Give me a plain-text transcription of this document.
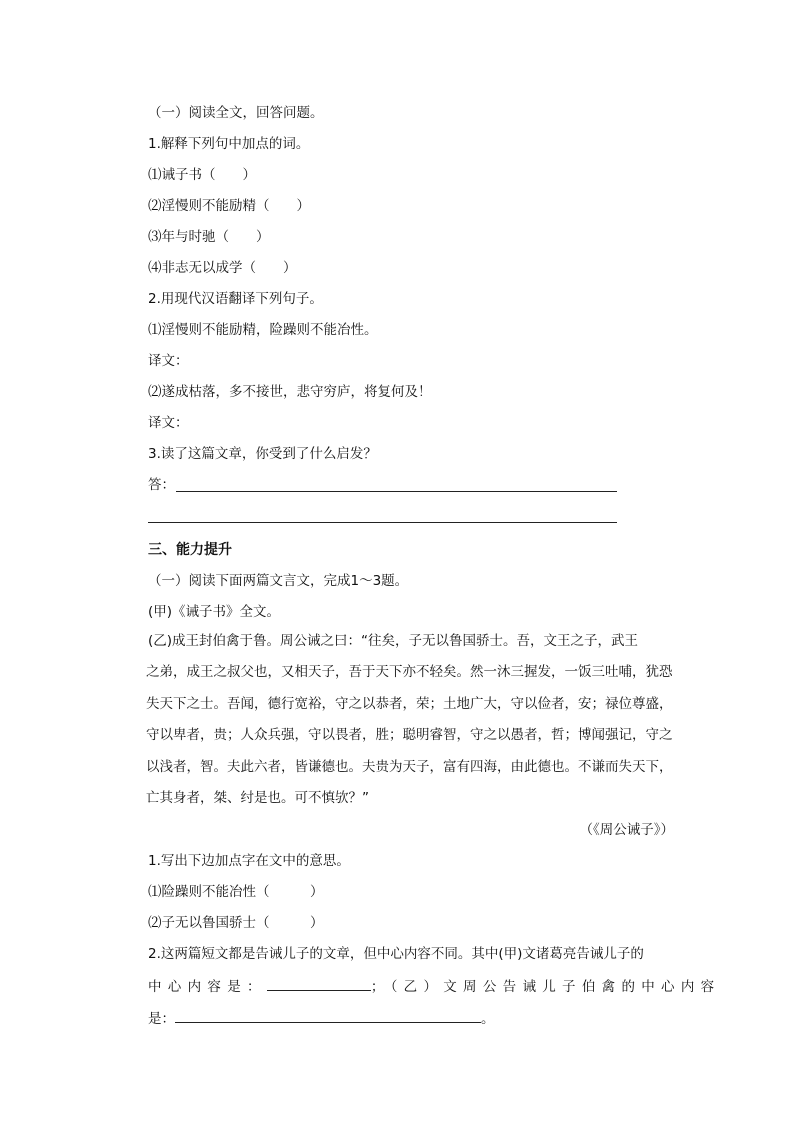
（一）阅读全文，回答问题。
1.解释下列句中加点的词。
⑴诫子书（　　）
⑵淫慢则不能励精（　　）
⑶年与时驰（　　）
⑷非志无以成学（　　）
2.用现代汉语翻译下列句子。
⑴淫慢则不能励精，险躁则不能冶性。
译文：
⑵遂成枯落，多不接世，悲守穷庐，将复何及！
译文：
3.读了这篇文章，你受到了什么启发？
答：
三、能力提升
（一）阅读下面两篇文言文，完成1～3题。
(甲)《诫子书》全文。

(乙)成王封伯禽于鲁。周公诫之曰：“往矣，子无以鲁国骄士。吾，文王之子，武王

之弟，成王之叔父也，又相天子，吾于天下亦不轻矣。然一沐三握发，一饭三吐哺，犹恐

失天下之士。吾闻，德行宽裕，守之以恭者，荣；土地广大，守以俭者，安；禄位尊盛，

守以卑者，贵；人众兵强，守以畏者，胜；聪明睿智，守之以愚者，哲；博闻强记，守之

以浅者，智。夫此六者，皆谦德也。夫贵为天子，富有四海，由此德也。不谦而失天下，

亡其身者，桀、纣是也。可不慎欤？”

（《周公诫子》）
1.写出下边加点字在文中的意思。
⑴险躁则不能冶性（　　　）
⑵子无以鲁国骄士（　　　）
2.这两篇短文都是告诫儿子的文章，但中心内容不同。其中(甲)文诸葛亮告诫儿子的
中心内容是：	；（乙）文周公告诫儿子伯禽的中心内容
是：	。
